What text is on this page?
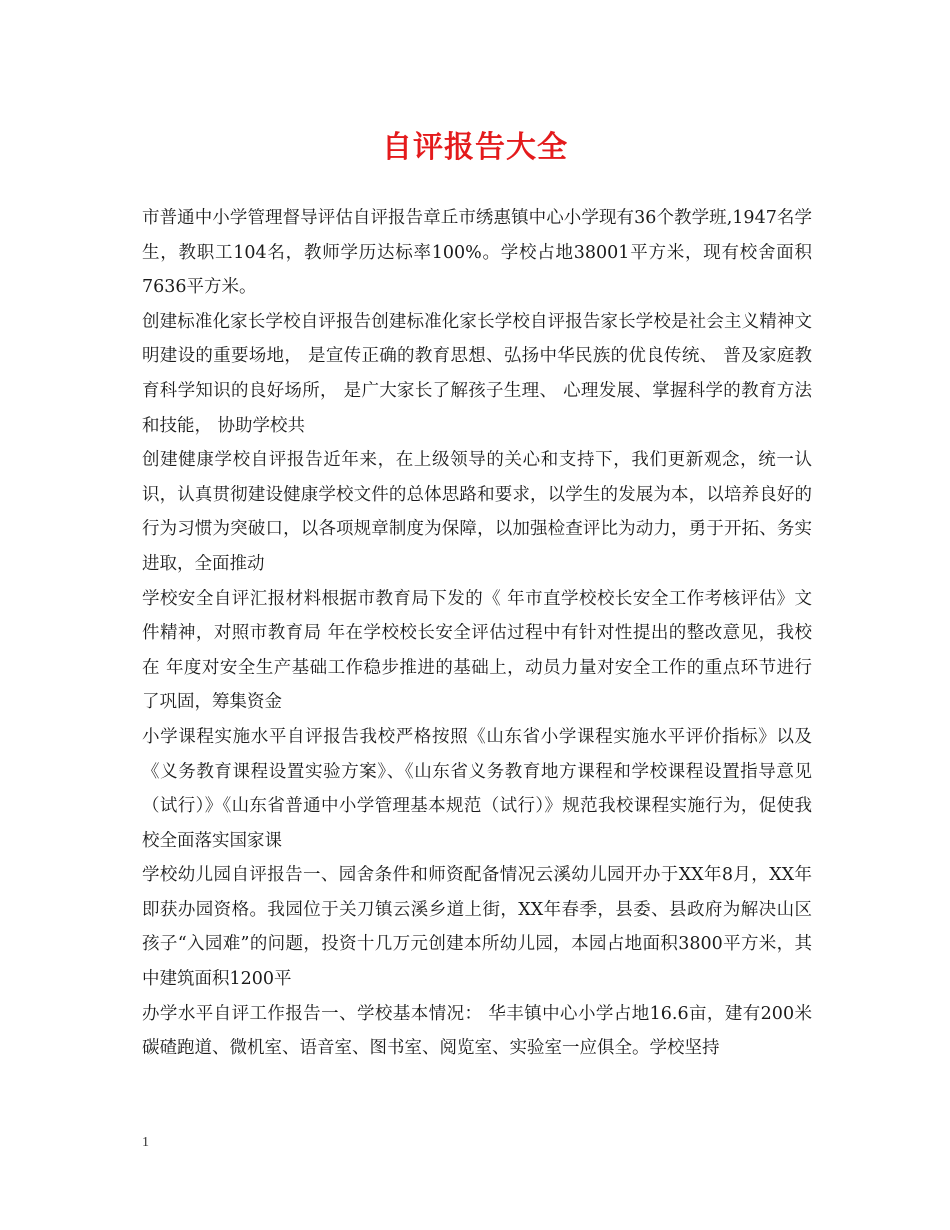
自评报告大全

市普通中小学管理督导评估自评报告章丘市绣惠镇中心小学现有36个教学班,1947名学生，教职工104名，教师学历达标率100%。学校占地38001平方米，现有校舍面积7636平方米。

创建标准化家长学校自评报告创建标准化家长学校自评报告家长学校是社会主义精神文明建设的重要场地， 是宣传正确的教育思想、弘扬中华民族的优良传统、 普及家庭教育科学知识的良好场所， 是广大家长了解孩子生理、 心理发展、掌握科学的教育方法和技能， 协助学校共

创建健康学校自评报告近年来，在上级领导的关心和支持下，我们更新观念，统一认识，认真贯彻建设健康学校文件的总体思路和要求，以学生的发展为本，以培养良好的行为习惯为突破口，以各项规章制度为保障，以加强检查评比为动力，勇于开拓、务实进取，全面推动

学校安全自评汇报材料根据市教育局下发的《 年市直学校校长安全工作考核评估》文件精神，对照市教育局 年在学校校长安全评估过程中有针对性提出的整改意见，我校在 年度对安全生产基础工作稳步推进的基础上，动员力量对安全工作的重点环节进行了巩固，筹集资金

小学课程实施水平自评报告我校严格按照《山东省小学课程实施水平评价指标》以及《义务教育课程设置实验方案》、《山东省义务教育地方课程和学校课程设置指导意见（试行）》《山东省普通中小学管理基本规范（试行）》规范我校课程实施行为，促使我校全面落实国家课

学校幼儿园自评报告一、园舍条件和师资配备情况云溪幼儿园开办于XX年8月，XX年即获办园资格。我园位于关刀镇云溪乡道上街，XX年春季，县委、县政府为解决山区孩子“入园难”的问题，投资十几万元创建本所幼儿园，本园占地面积3800平方米，其中建筑面积1200平

办学水平自评工作报告一、学校基本情况： 华丰镇中心小学占地16.6亩，建有200米碳碴跑道、微机室、语音室、图书室、阅览室、实验室一应俱全。学校坚持

1
